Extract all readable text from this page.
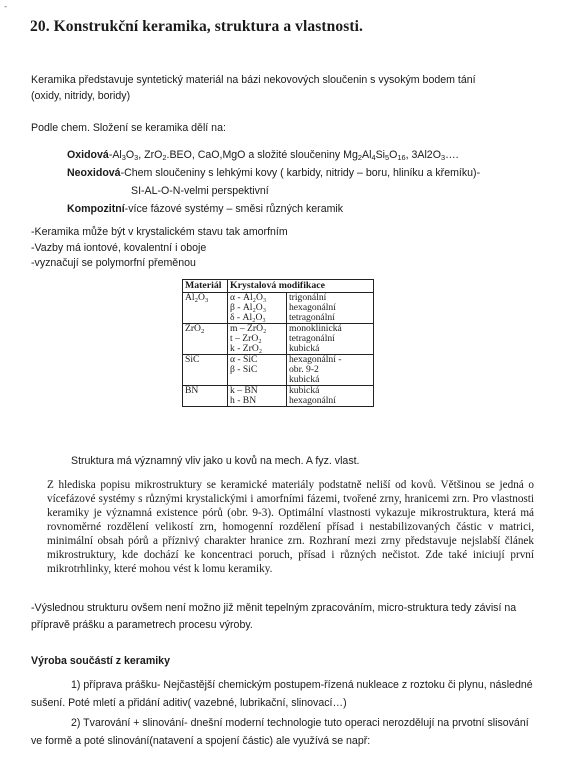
-
20. Konstrukční keramika, struktura a vlastnosti.
Keramika představuje syntetický materiál na bázi nekovových sloučenin s vysokým bodem tání
(oxidy, nitridy, boridy)
Podle chem. Složení se keramika dělí na:
Oxidová-$Al_3O_3$, ZrO$_2$.BEO, CaO,MgO a složité sloučeniny $Mg_2Al_4Si_5O_{16}$, $3Al2O_3\dots$.
Neoxidová-Chem sloučeniny s lehkými kovy ( karbidy, nitridy – boru, hliníku a křemíku)-
SI-AL-O-N-velmi perspektivní
Kompozitní-více fázové systémy – směsi různých keramik
-Keramika může být v krystalickém stavu tak amorfním
-Vazby má iontové, kovalentní i oboje
-vyznačují se polymorfní přeměnou
Materiál	Krystalová modifikace	
$Al_2O_3$	α - Al₂O₃	trigonální
	β - Al₂O₃	hexagonální
	δ - Al₂O₃	tetragonální
ZrO$_2$	m – ZrO₂	monoklinická
	t – ZrO₂	tetragonální
	k - ZrO₂	kubická
SiC	α - SiC	hexagonální -
	β - SiC	obr. 9-2
		kubická
BN	k – BN	kubická
	h - BN	hexagonální
Struktura má významný vliv jako u kovů na mech. A fyz. vlast.

Z hlediska popisu mikrostruktury se keramické materiály podstatně neliší od kovů. Většinou se jedná o vícefázové systémy s různými krystalickými i amorfními fázemi, tvořené zrny, hranicemi zrn. Pro vlastnosti keramiky je významná existence pórů (obr. 9-3). Optimální vlastnosti vykazuje mikrostruktura, která má rovnoměrné rozdělení velikostí zrn, homogenní rozdělení přísad i nestabilizovaných částic v matrici, minimální obsah pórů a příznivý charakter hranice zrn. Rozhraní mezi zrny představuje nejslabší článek mikrostruktury, kde dochází ke koncentraci poruch, přísad i různých nečistot. Zde také iniciují první mikrotrhlinky, které mohou vést k lomu keramiky.

-Výslednou strukturu ovšem není možno již měnit tepelným zpracováním, micro-struktura tedy závisí na přípravě prášku a parametrech procesu výroby.
Výroba součástí z keramiky
1) příprava prášku- Nejčastější chemickým postupem-řízená nukleace z roztoku či plynu, následné sušení. Poté mletí a přidání aditiv( vazebné, lubrikační, slinovací…)
2) Tvarování + slinování- dnešní moderní technologie tuto operaci nerozdělují na prvotní slisování ve formě a poté slinování(natavení a spojení částic) ale využívá se např:
